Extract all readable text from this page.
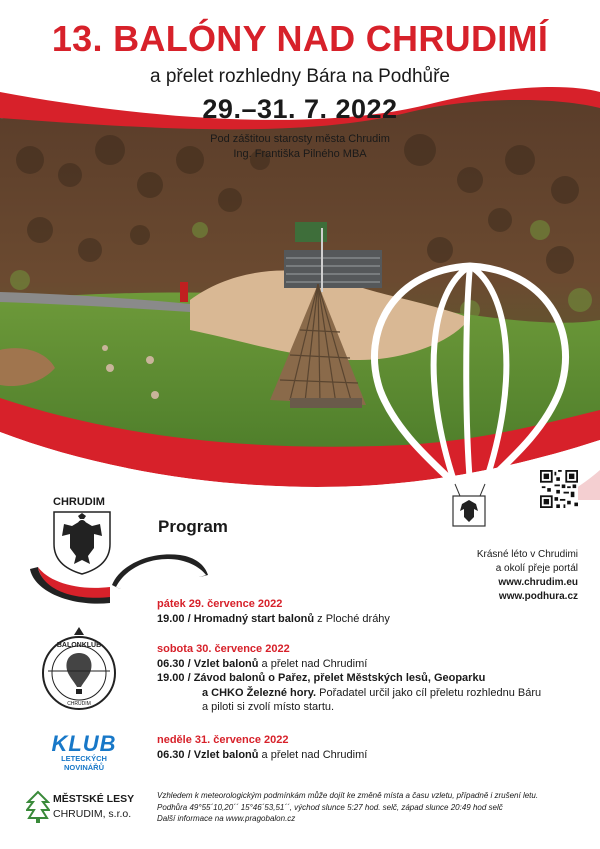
13. BALÓNY NAD CHRUDIMÍ
a přelet rozhledny Bára na Podhůře
29.–31. 7. 2022
Pod záštitou starosty města Chrudim
Ing. Františka Pilného MBA
CHRUDIM
Program
pátek 29. července 2022
19.00 / Hromadný start balonů z Ploché dráhy
sobota 30. července 2022
06.30 / Vzlet balonů a přelet nad Chrudimí
19.00 / Závod balonů o Pařez, přelet Městských lesů, Geoparku
a CHKO Železné hory. Pořadatel určil jako cíl přeletu rozhlednu Báru
a piloti si zvolí místo startu.
neděle 31. července 2022
06.30 / Vzlet balonů a přelet nad Chrudimí
Krásné léto v Chrudimi
a okolí přeje portál
www.chrudim.eu
www.podhura.cz
BALONKLUB
CHRUDIM
KLUB
LETECKÝCH
NOVINÁŘŮ
MĚSTSKÉ LESY
CHRUDIM, s.r.o.
Vzhledem k meteorologickým podmínkám může dojít ke změně místa a času vzletu, případně i zrušení letu.
Podhůra 49°55´10,20´´ 15°46´53,51´´, východ slunce 5:27 hod. selč, západ slunce 20:49 hod selč
Další informace na www.pragobalon.cz
